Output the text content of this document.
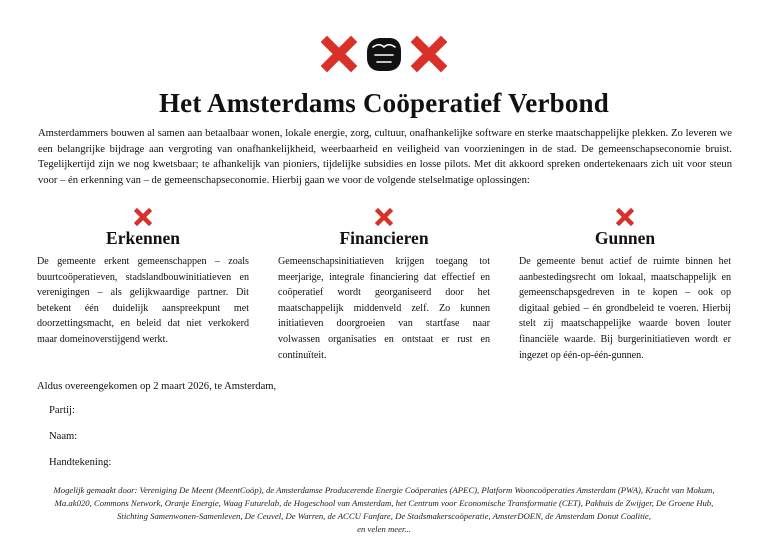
Het Amsterdams Coöperatief Verbond

Amsterdammers bouwen al samen aan betaalbaar wonen, lokale energie, zorg, cultuur, onafhankelijke software en sterke maatschappelijke plekken. Zo leveren we een belangrijke bijdrage aan vergroting van onafhankelijkheid, weerbaarheid en veiligheid van voorzieningen in de stad. De gemeenschapseconomie bruist. Tegelijkertijd zijn we nog kwetsbaar; te afhankelijk van pioniers, tijdelijke subsidies en losse pilots. Met dit akkoord spreken ondertekenaars zich uit voor steun voor – én erkenning van – de gemeenschapseconomie. Hierbij gaan we voor de volgende stelselmatige oplossingen:

Erkennen

De gemeente erkent gemeenschappen – zoals buurtcoöperatieven, stadslandbouwinitiatieven en verenigingen – als gelijkwaardige partner. Dit betekent één duidelijk aanspreekpunt met doorzettingsmacht, en beleid dat niet verkokerd maar domeinoverstijgend werkt.

Financieren

Gemeenschapsinitiatieven krijgen toegang tot meerjarige, integrale financiering dat effectief en coöperatief wordt georganiseerd door het maatschappelijk middenveld zelf. Zo kunnen initiatieven doorgroeien van startfase naar volwassen organisaties en ontstaat er rust en continuïteit.

Gunnen

De gemeente benut actief de ruimte binnen het aanbestedingsrecht om lokaal, maatschappelijk en gemeenschapsgedreven in te kopen – ook op digitaal gebied – én grondbeleid te voeren. Hierbij stelt zij maatschappelijke waarde boven louter financiële waarde. Bij burgerinitiatieven wordt er ingezet op één-op-één-gunnen.

Aldus overeengekomen op 2 maart 2026, te Amsterdam,
Partij:
Naam:
Handtekening:
Mogelijk gemaakt door: Vereniging De Meent (MeentCoöp), de Amsterdamse Producerende Energie Coöperaties (APEC), Platform Wooncoöperaties Amsterdam (PWA), Kracht van Mokum,
Ma.ak020, Commons Network, Oranje Energie, Waag Futurelab, de Hogeschool van Amsterdam, het Centrum voor Economische Transformatie (CET), Pakhuis de Zwijger, De Groene Hub,
Stichting Samenwonen-Samenleven, De Ceuvel, De Warren, de ACCU Fanfare, De Stadsmakerscoöperatie, AmsterDOEN, de Amsterdam Donut Coalitie,
en velen meer...
